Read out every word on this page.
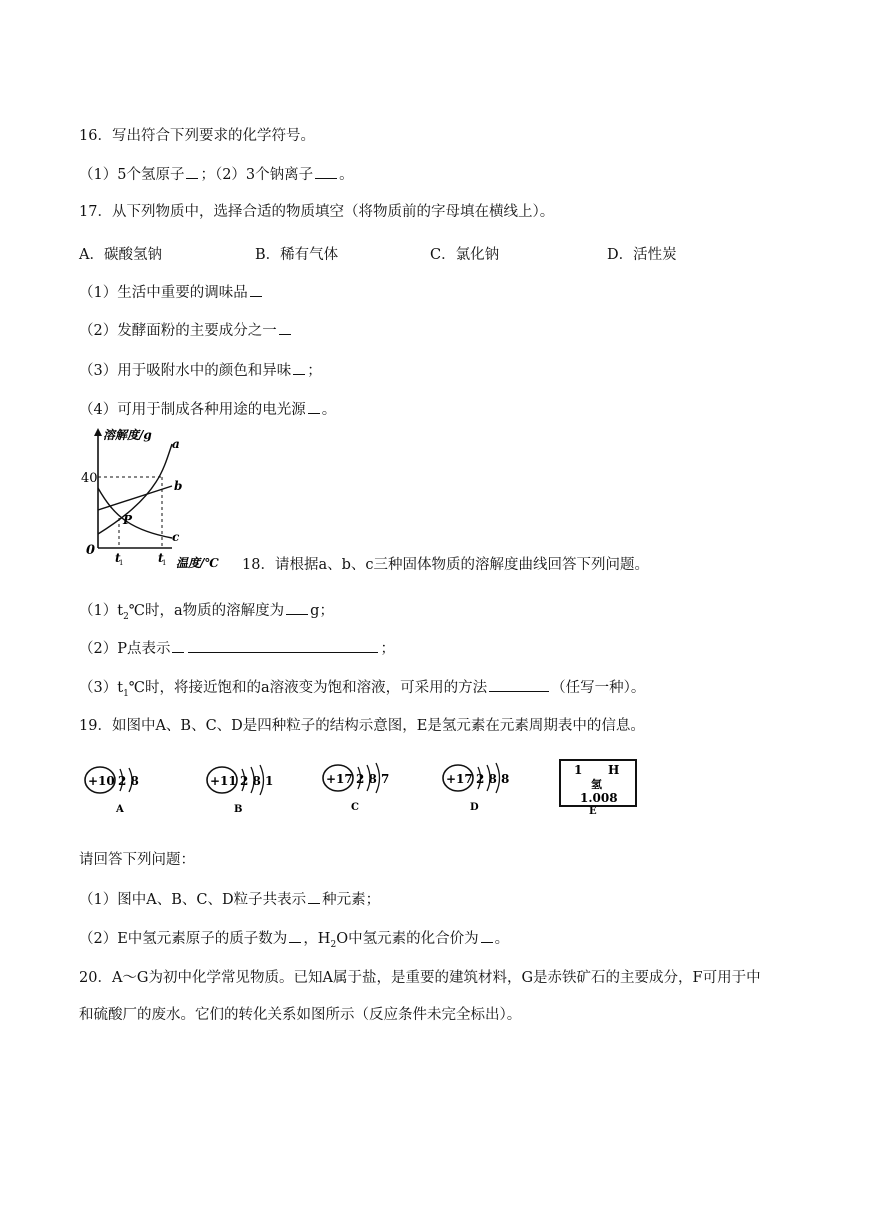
16．写出符合下列要求的化学符号。
（1）5个氢原子 ；（2）3个钠离子 。
17．从下列物质中，选择合适的物质填空（将物质前的字母填在横线上）。
A．碳酸氢钠	B．稀有气体	C．氯化钠	D．活性炭
（1）生活中重要的调味品
（2）发酵面粉的主要成分之一
（3）用于吸附水中的颜色和异味 ；
（4）可用于制成各种用途的电光源 。
溶解度/g
40
0
a
b
c
P
t
1	t
1 温度/℃ 18．请根据a、b、c三种固体物质的溶解度曲线回答下列问题。
$(1)t_2℃$时，a物质的溶解度为 g；
（2）P点表示	；
$(3)t_1℃$时，将接近饱和的a溶液变为饱和溶液，可采用的方法	（任写一种）。
19．如图中A、B、C、D是四种粒子的结构示意图，E是氢元素在元素周期表中的信息。
+10 2 8	+11 2 8 1	+17 2 8 7	+17 2 8 8
1 H
氢
1.008
A	B	C	D	E
请回答下列问题：
（1）图中A、B、C、D粒子共表示 种元素；
（2）E中氢元素原子的质子数为 ，$H_2O$中氢元素的化合价为 。
20．A～G为初中化学常见物质。已知A属于盐，是重要的建筑材料，G是赤铁矿石的主要成分，F可用于中
和硫酸厂的废水。它们的转化关系如图所示（反应条件未完全标出）。
